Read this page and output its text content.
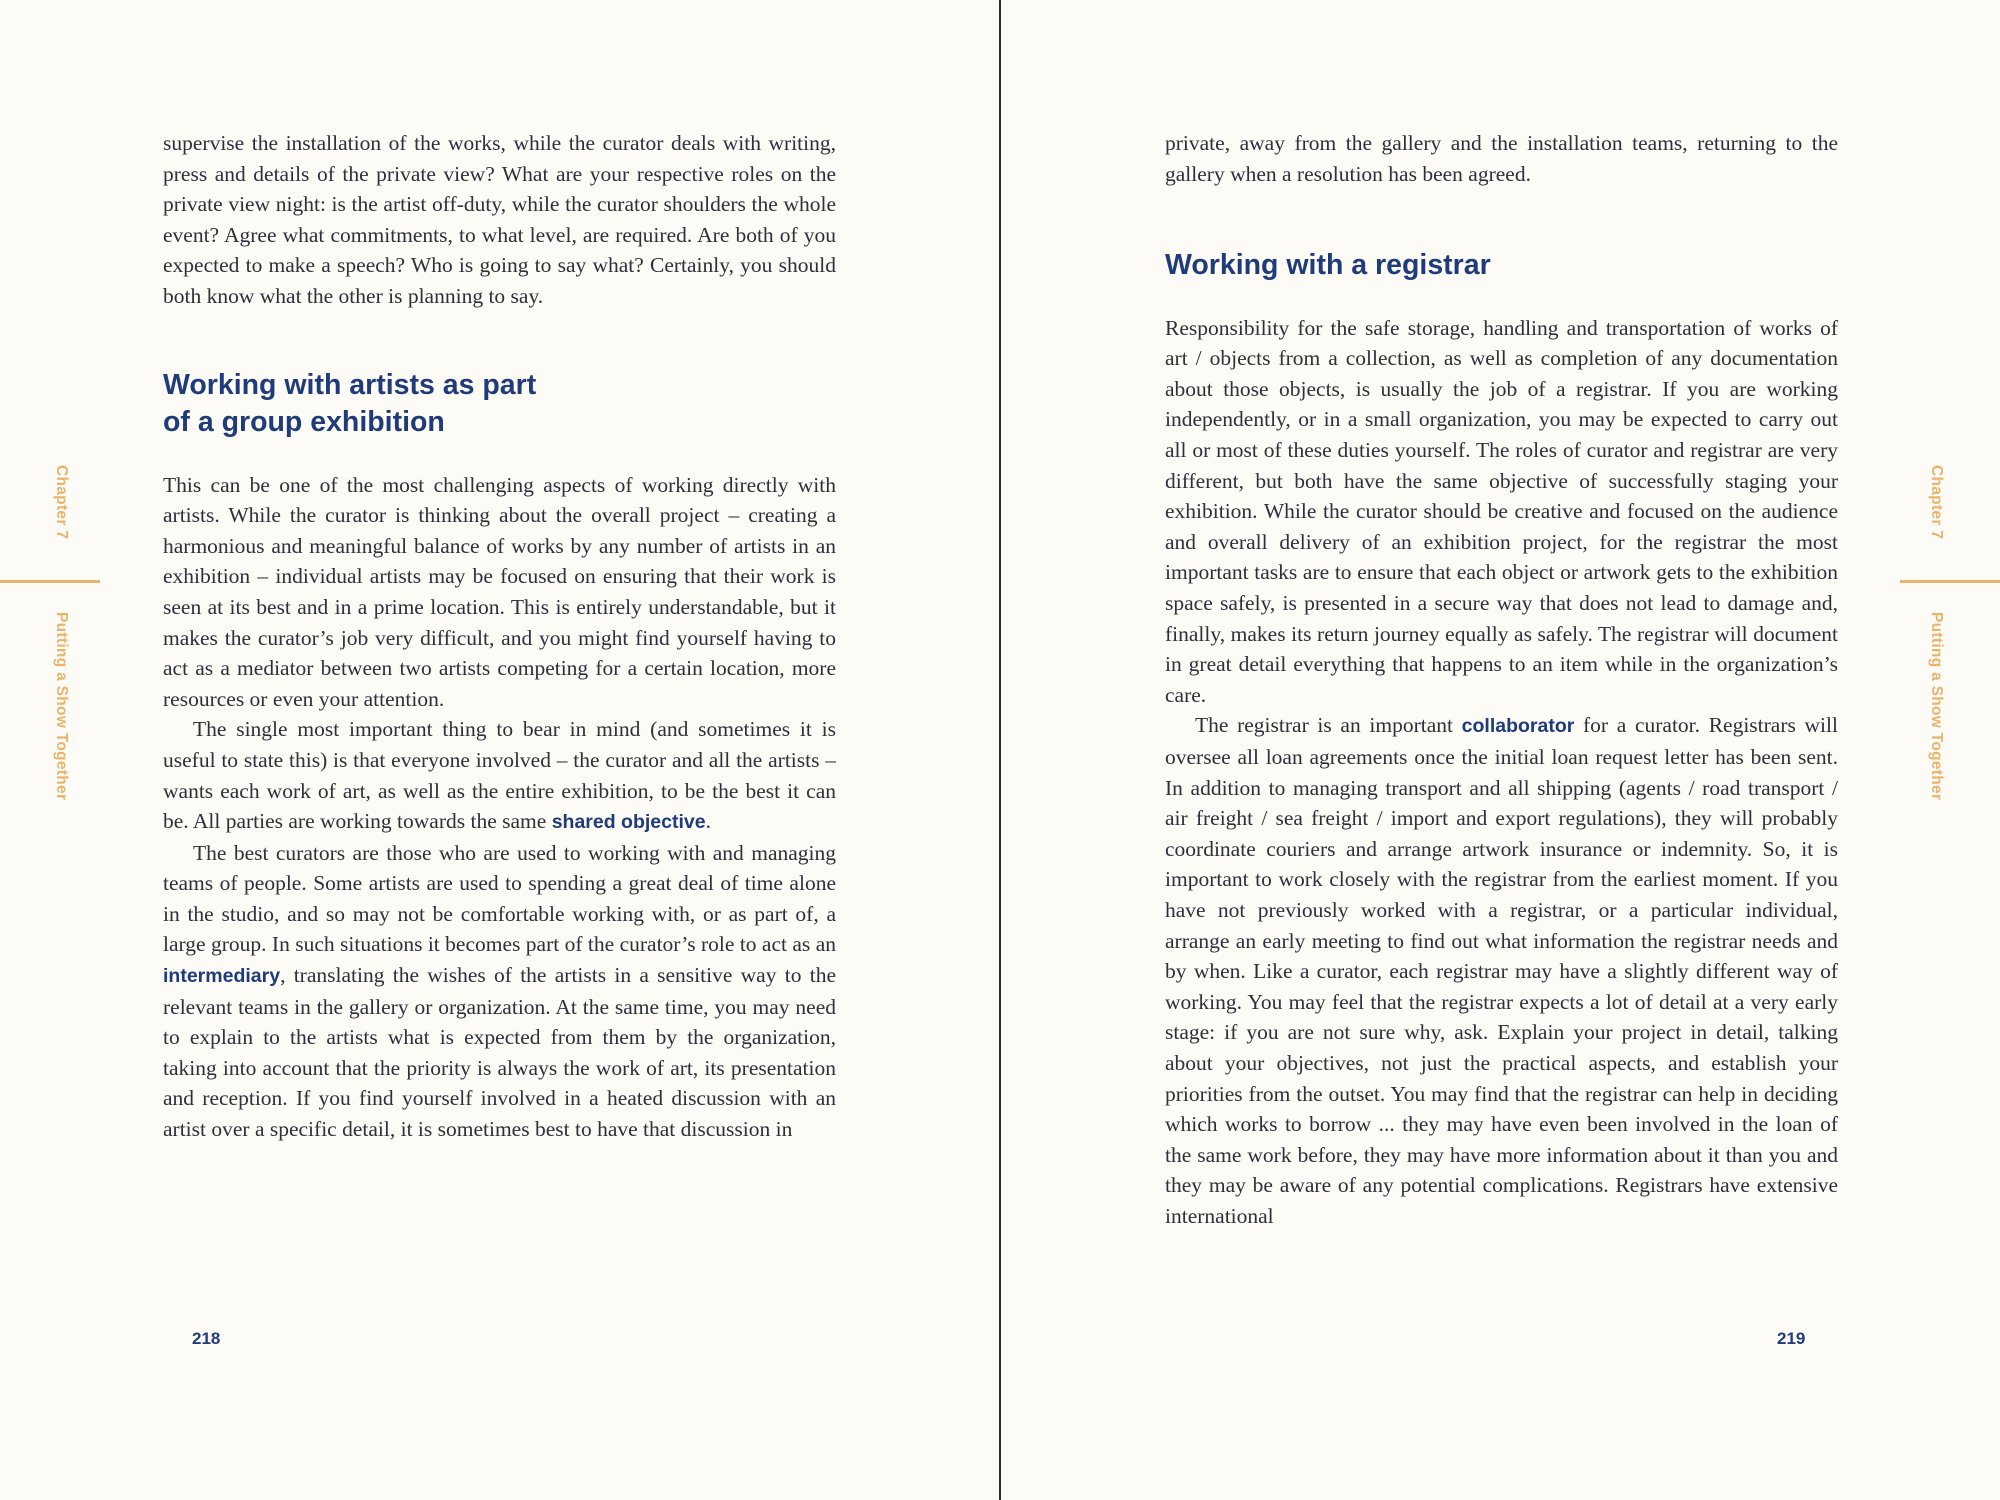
supervise the installation of the works, while the curator deals with writing, press and details of the private view? What are your respective roles on the private view night: is the artist off-duty, while the curator shoulders the whole event? Agree what commitments, to what level, are required. Are both of you expected to make a speech? Who is going to say what? Certainly, you should both know what the other is planning to say.

Working with artists as part
of a group exhibition

This can be one of the most challenging aspects of working directly with artists. While the curator is thinking about the overall project – creating a harmonious and meaningful balance of works by any number of artists in an exhibition – individual artists may be focused on ensuring that their work is seen at its best and in a prime location. This is entirely understandable, but it makes the curator’s job very difficult, and you might find yourself having to act as a mediator between two artists competing for a certain location, more resources or even your attention.

The single most important thing to bear in mind (and sometimes it is useful to state this) is that everyone involved – the curator and all the artists – wants each work of art, as well as the entire exhibition, to be the best it can be. All parties are working towards the same shared objective.

The best curators are those who are used to working with and managing teams of people. Some artists are used to spending a great deal of time alone in the studio, and so may not be comfortable working with, or as part of, a large group. In such situations it becomes part of the curator’s role to act as an intermediary, translating the wishes of the artists in a sensitive way to the relevant teams in the gallery or organization. At the same time, you may need to explain to the artists what is expected from them by the organization, taking into account that the priority is always the work of art, its presentation and reception. If you find yourself involved in a heated discussion with an artist over a specific detail, it is sometimes best to have that discussion in

218
Chapter 7
Putting a Show Together

private, away from the gallery and the installation teams, returning to the gallery when a resolution has been agreed.

Working with a registrar

Responsibility for the safe storage, handling and transportation of works of art / objects from a collection, as well as completion of any documentation about those objects, is usually the job of a registrar. If you are working independently, or in a small organization, you may be expected to carry out all or most of these duties yourself. The roles of curator and registrar are very different, but both have the same objective of successfully staging your exhibition. While the curator should be creative and focused on the audience and overall delivery of an exhibition project, for the registrar the most important tasks are to ensure that each object or artwork gets to the exhibition space safely, is presented in a secure way that does not lead to damage and, finally, makes its return journey equally as safely. The registrar will document in great detail everything that happens to an item while in the organization’s care.

The registrar is an important collaborator for a curator. Registrars will oversee all loan agreements once the initial loan request letter has been sent. In addition to managing transport and all shipping (agents / road transport / air freight / sea freight / import and export regulations), they will probably coordinate couriers and arrange artwork insurance or indemnity. So, it is important to work closely with the registrar from the earliest moment. If you have not previously worked with a registrar, or a particular individual, arrange an early meeting to find out what information the registrar needs and by when. Like a curator, each registrar may have a slightly different way of working. You may feel that the registrar expects a lot of detail at a very early stage: if you are not sure why, ask. Explain your project in detail, talking about your objectives, not just the practical aspects, and establish your priorities from the outset. You may find that the registrar can help in deciding which works to borrow ... they may have even been involved in the loan of the same work before, they may have more information about it than you and they may be aware of any potential complications. Registrars have extensive international

219
Chapter 7
Putting a Show Together
